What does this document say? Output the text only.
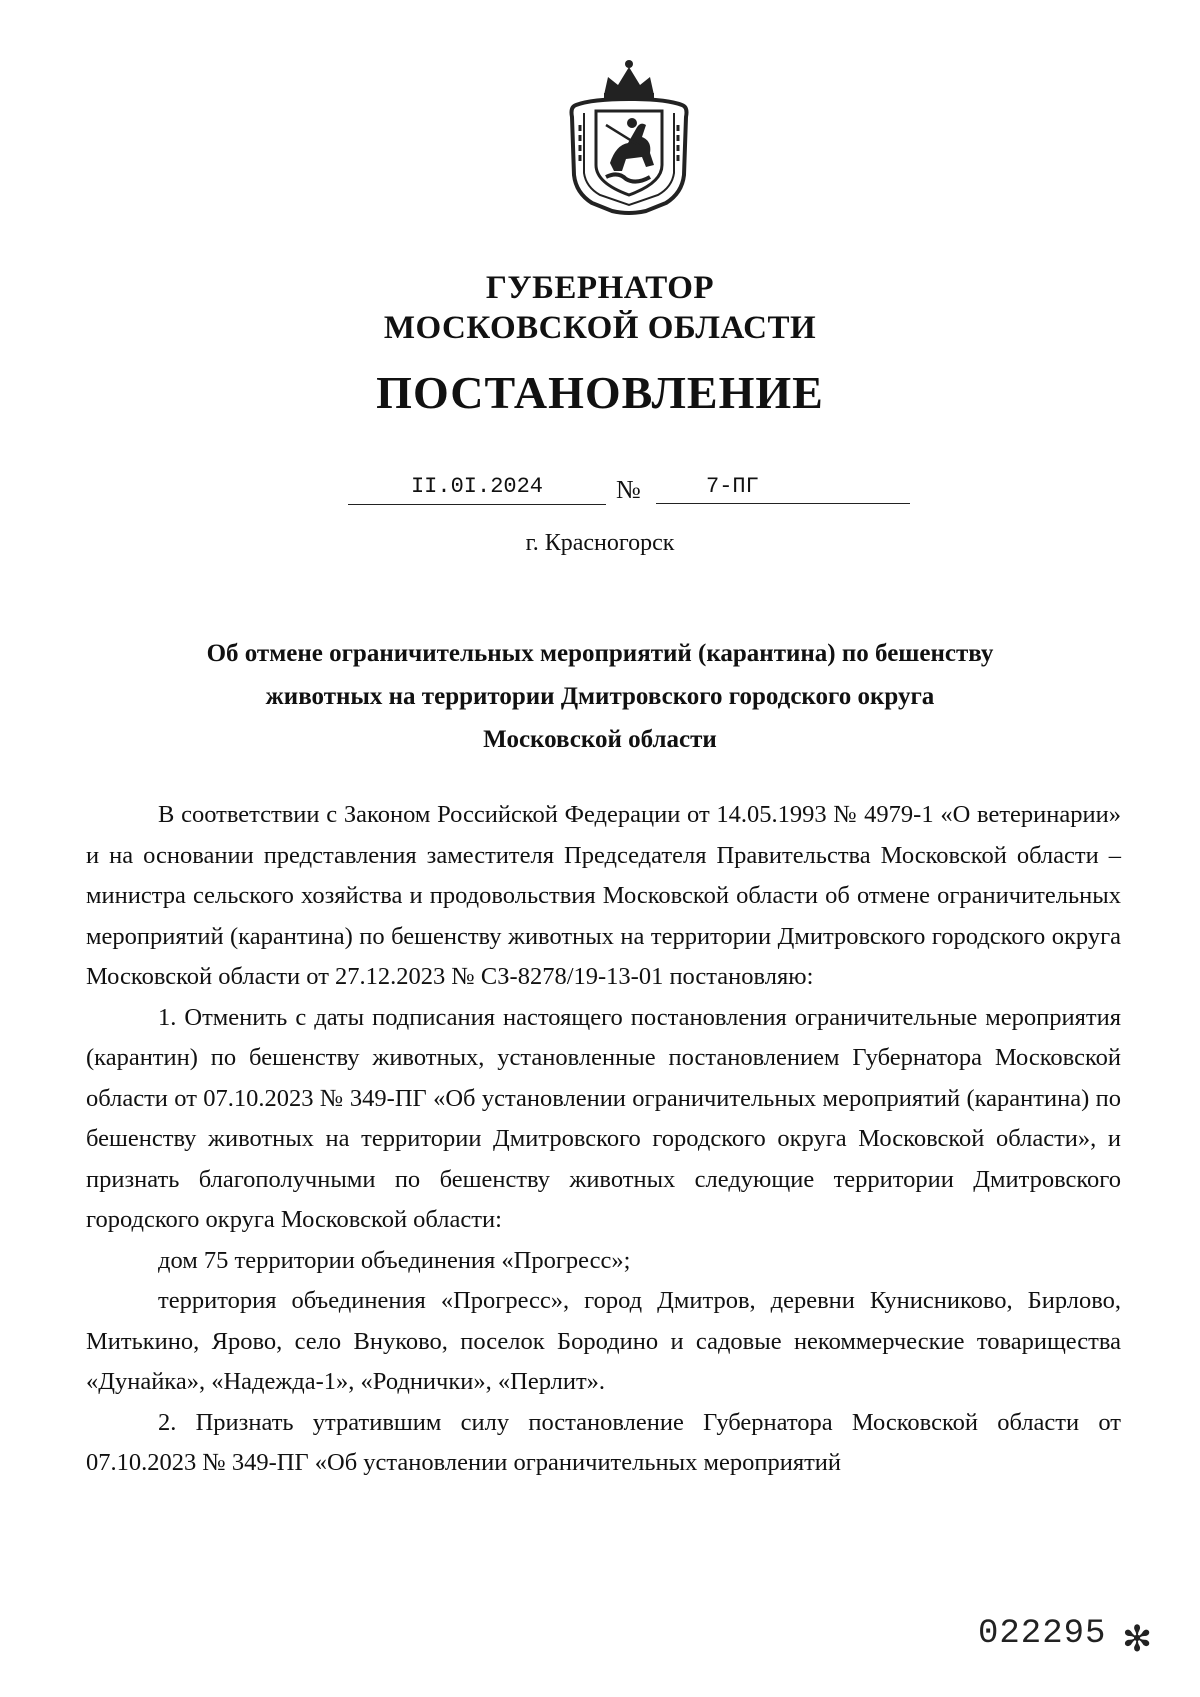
ГУБЕРНАТОР
МОСКОВСКОЙ ОБЛАСТИ
ПОСТАНОВЛЕНИЕ
II.0I.2024	№	7-ПГ
г. Красногорск
Об отмене ограничительных мероприятий (карантина) по бешенству
животных на территории Дмитровского городского округа
Московской области

В соответствии с Законом Российской Федерации от 14.05.1993 № 4979-1 «О ветеринарии» и на основании представления заместителя Председателя Правительства Московской области – министра сельского хозяйства и продовольствия Московской области об отмене ограничительных мероприятий (карантина) по бешенству животных на территории Дмитровского городского округа Московской области от 27.12.2023 № СЗ-8278/19-13-01 постановляю:

1. Отменить с даты подписания настоящего постановления ограничительные мероприятия (карантин) по бешенству животных, установленные постановлением Губернатора Московской области от 07.10.2023 № 349-ПГ «Об установлении ограничительных мероприятий (карантина) по бешенству животных на территории Дмитровского городского округа Московской области», и признать благополучными по бешенству животных следующие территории Дмитровского городского округа Московской области:

дом 75 территории объединения «Прогресс»;

территория объединения «Прогресс», город Дмитров, деревни Кунисниково, Бирлово, Митькино, Ярово, село Внуково, поселок Бородино и садовые некоммерческие товарищества «Дунайка», «Надежда-1», «Роднички», «Перлит».

2. Признать утратившим силу постановление Губернатора Московской области от 07.10.2023 № 349-ПГ «Об установлении ограничительных мероприятий

022295 ✻
